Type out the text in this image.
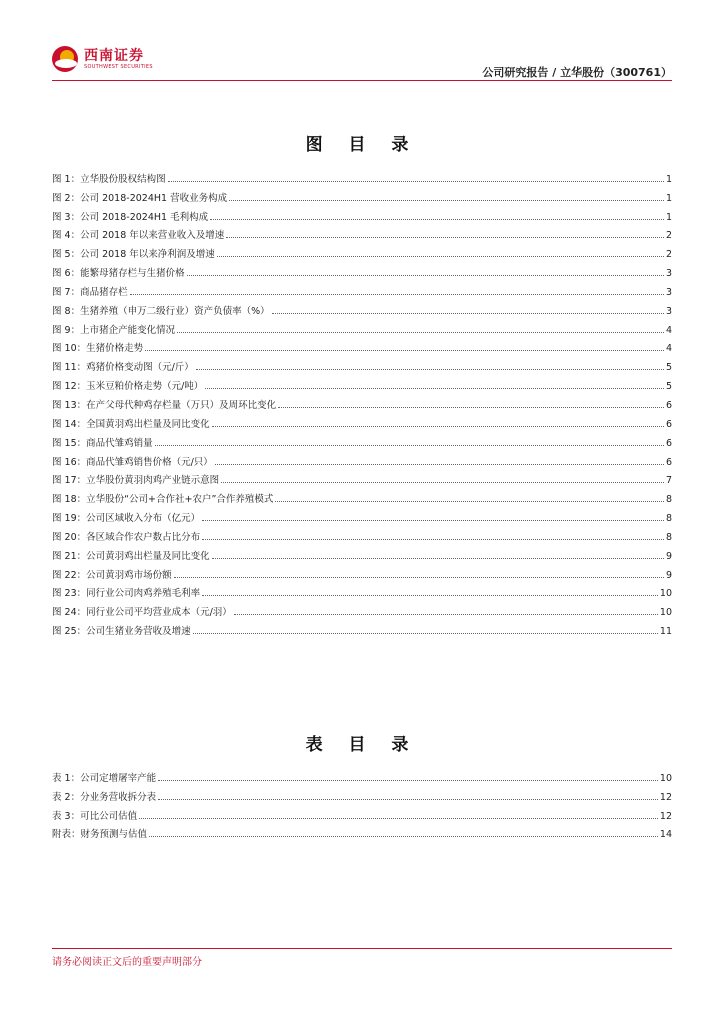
西南证券
SOUTHWEST SECURITIES	公司研究报告 / 立华股份（300761）
图 目 录
图 1：立华股份股权结构图	1
图 2：公司 2018-2024H1 营收业务构成	1
图 3：公司 2018-2024H1 毛利构成	1
图 4：公司 2018 年以来营业收入及增速	2
图 5：公司 2018 年以来净利润及增速	2
图 6：能繁母猪存栏与生猪价格	3
图 7：商品猪存栏	3
图 8：生猪养殖（申万二级行业）资产负债率（%）	3
图 9：上市猪企产能变化情况	4
图 10：生猪价格走势	4
图 11：鸡猪价格变动图（元/斤）	5
图 12：玉米豆粕价格走势（元/吨）	5
图 13：在产父母代种鸡存栏量（万只）及周环比变化	6
图 14：全国黄羽鸡出栏量及同比变化	6
图 15：商品代雏鸡销量	6
图 16：商品代雏鸡销售价格（元/只）	6
图 17：立华股份黄羽肉鸡产业链示意图	7
图 18：立华股份“公司+合作社+农户”合作养殖模式	8
图 19：公司区域收入分布（亿元）	8
图 20：各区域合作农户数占比分布	8
图 21：公司黄羽鸡出栏量及同比变化	9
图 22：公司黄羽鸡市场份额	9
图 23：同行业公司肉鸡养殖毛利率	10
图 24：同行业公司平均营业成本（元/羽）	10
图 25：公司生猪业务营收及增速	11
表 目 录
表 1：公司定增屠宰产能	10
表 2：分业务营收拆分表	12
表 3：可比公司估值	12
附表：财务预测与估值	14
请务必阅读正文后的重要声明部分
